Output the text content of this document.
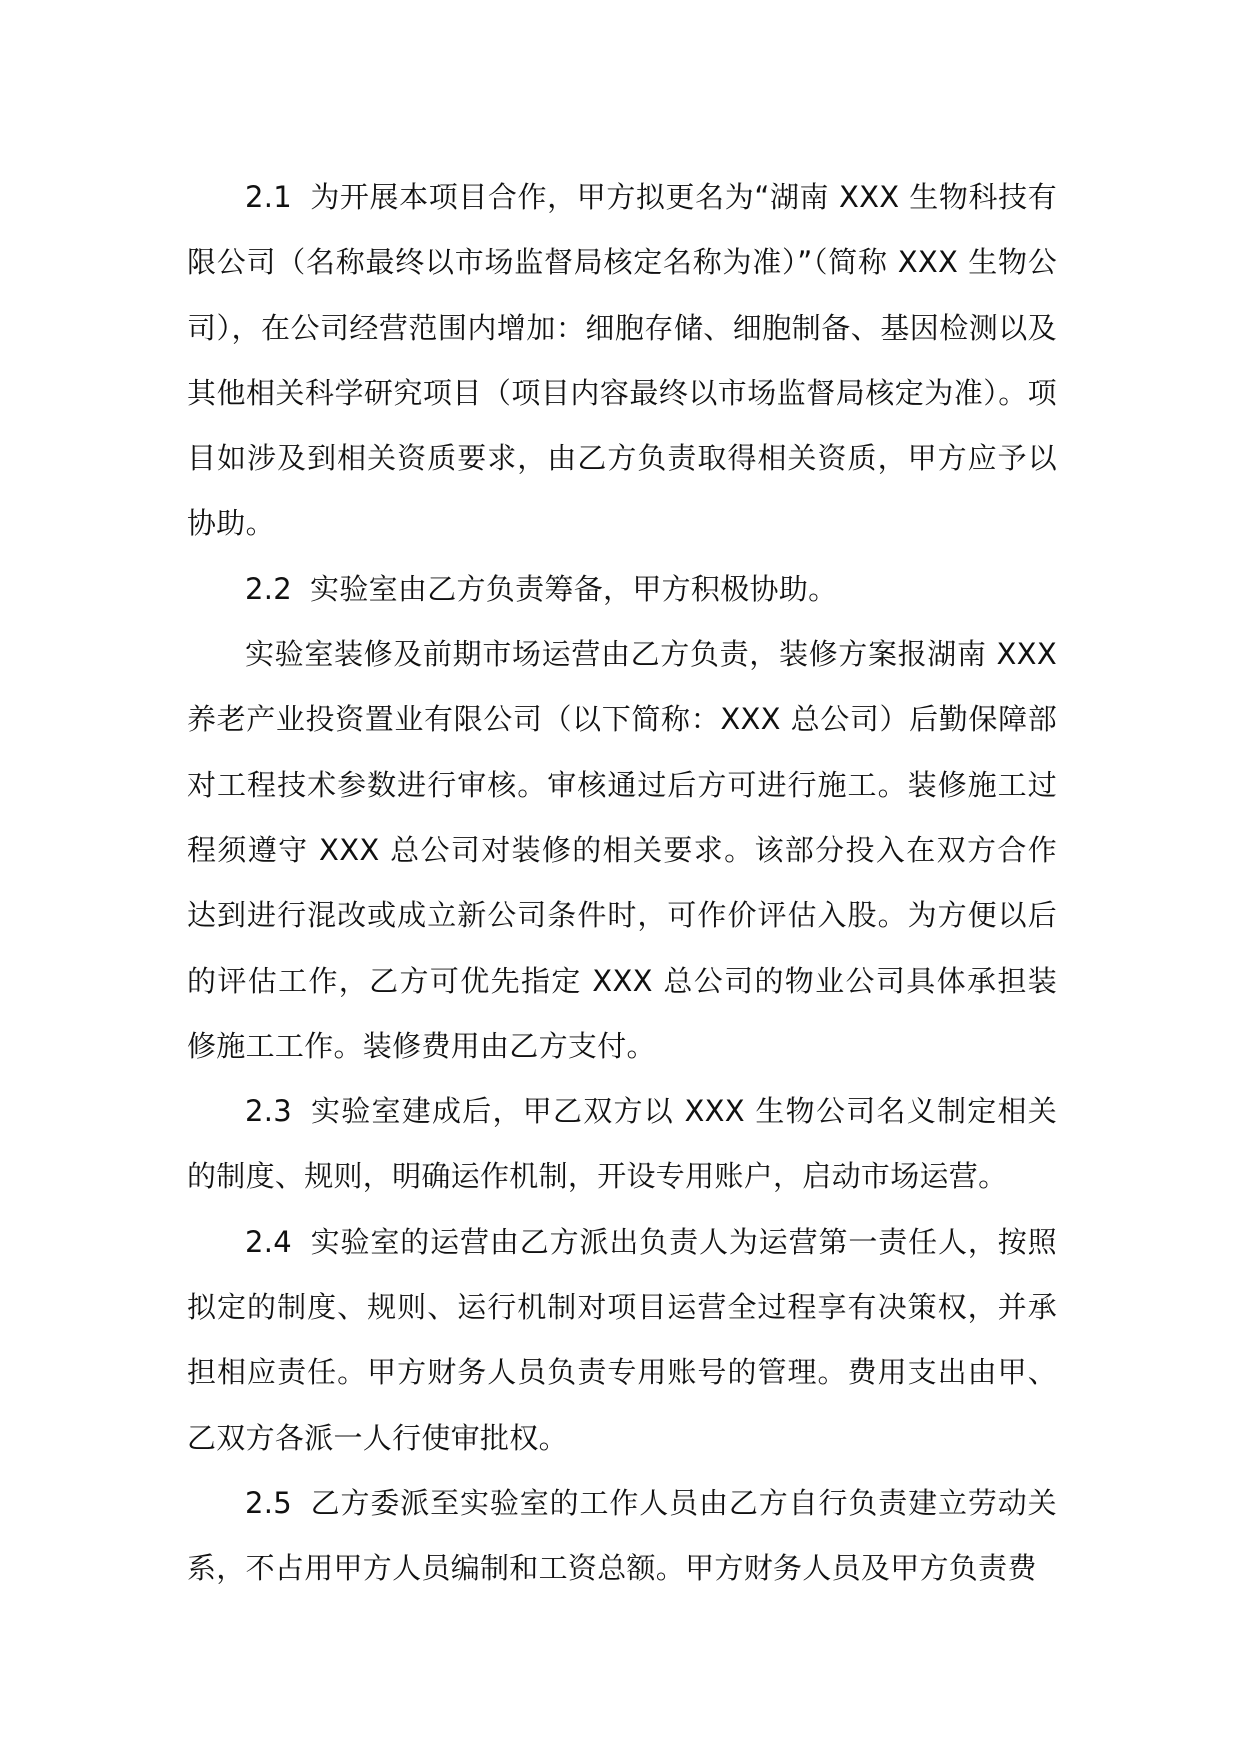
2.1 为开展本项目合作，甲方拟更名为“湖南 XXX 生物科技有限公司（名称最终以市场监督局核定名称为准）”（简称 XXX 生物公司），在公司经营范围内增加：细胞存储、细胞制备、基因检测以及其他相关科学研究项目（项目内容最终以市场监督局核定为准）。项目如涉及到相关资质要求，由乙方负责取得相关资质，甲方应予以协助。

2.2 实验室由乙方负责筹备，甲方积极协助。

实验室装修及前期市场运营由乙方负责，装修方案报湖南 XXX 养老产业投资置业有限公司（以下简称：XXX 总公司）后勤保障部对工程技术参数进行审核。审核通过后方可进行施工。装修施工过程须遵守 XXX 总公司对装修的相关要求。该部分投入在双方合作达到进行混改或成立新公司条件时，可作价评估入股。为方便以后的评估工作，乙方可优先指定 XXX 总公司的物业公司具体承担装修施工工作。装修费用由乙方支付。

2.3 实验室建成后，甲乙双方以 XXX 生物公司名义制定相关的制度、规则，明确运作机制，开设专用账户，启动市场运营。

2.4 实验室的运营由乙方派出负责人为运营第一责任人，按照拟定的制度、规则、运行机制对项目运营全过程享有决策权，并承担相应责任。甲方财务人员负责专用账号的管理。费用支出由甲、乙双方各派一人行使审批权。

2.5 乙方委派至实验室的工作人员由乙方自行负责建立劳动关系，不占用甲方人员编制和工资总额。甲方财务人员及甲方负责费
